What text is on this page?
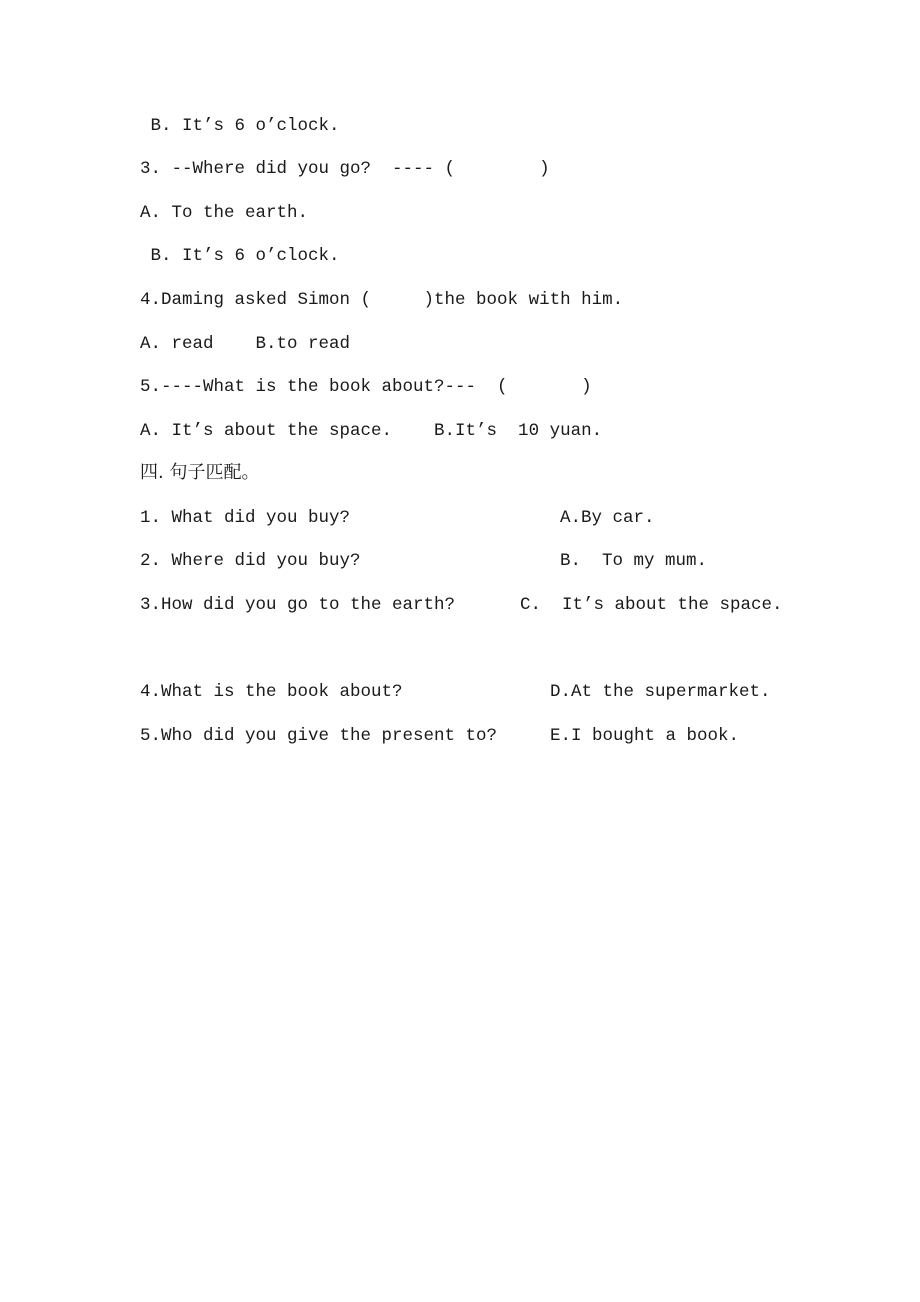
B. It’s 6 o’clock.
3. --Where did you go?  ---- (        )
A. To the earth.
B. It’s 6 o’clock.
4.Daming asked Simon (     )the book with him.
A. read    B.to read
5.----What is the book about?---  (       )
A. It’s about the space.    B.It’s  10 yuan.
四. 句子匹配。
1. What did you buy?	A.By car.
2. Where did you buy?	B.  To my mum.
3.How did you go to the earth?	C.  It’s about the space.
4.What is the book about?	D.At the supermarket.
5.Who did you give the present to?	E.I bought a book.
